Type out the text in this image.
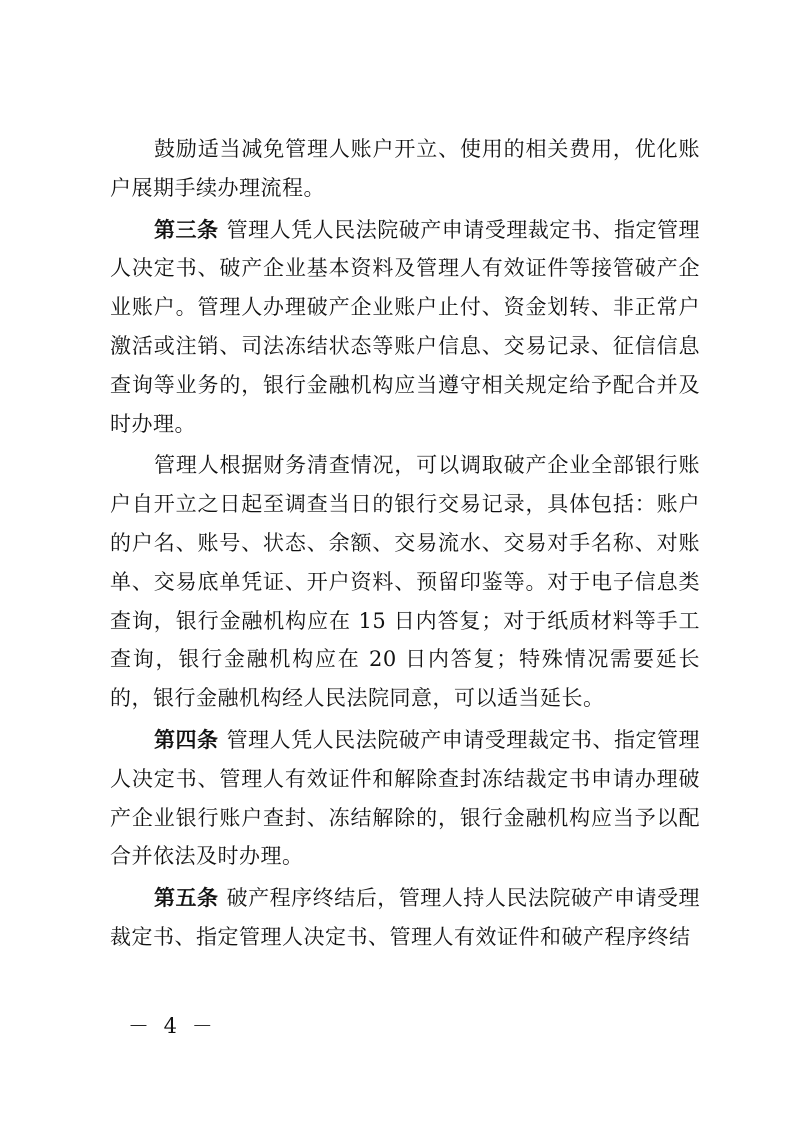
鼓励适当减免管理人账户开立、使用的相关费用，优化账户展期手续办理流程。

第三条 管理人凭人民法院破产申请受理裁定书、指定管理人决定书、破产企业基本资料及管理人有效证件等接管破产企业账户。管理人办理破产企业账户止付、资金划转、非正常户激活或注销、司法冻结状态等账户信息、交易记录、征信信息查询等业务的，银行金融机构应当遵守相关规定给予配合并及时办理。

管理人根据财务清查情况，可以调取破产企业全部银行账户自开立之日起至调查当日的银行交易记录，具体包括：账户的户名、账号、状态、余额、交易流水、交易对手名称、对账单、交易底单凭证、开户资料、预留印鉴等。对于电子信息类查询，银行金融机构应在 15 日内答复；对于纸质材料等手工查询，银行金融机构应在 20 日内答复；特殊情况需要延长的，银行金融机构经人民法院同意，可以适当延长。

第四条 管理人凭人民法院破产申请受理裁定书、指定管理人决定书、管理人有效证件和解除查封冻结裁定书申请办理破产企业银行账户查封、冻结解除的，银行金融机构应当予以配合并依法及时办理。

第五条 破产程序终结后，管理人持人民法院破产申请受理裁定书、指定管理人决定书、管理人有效证件和破产程序终结

－ 4 －
